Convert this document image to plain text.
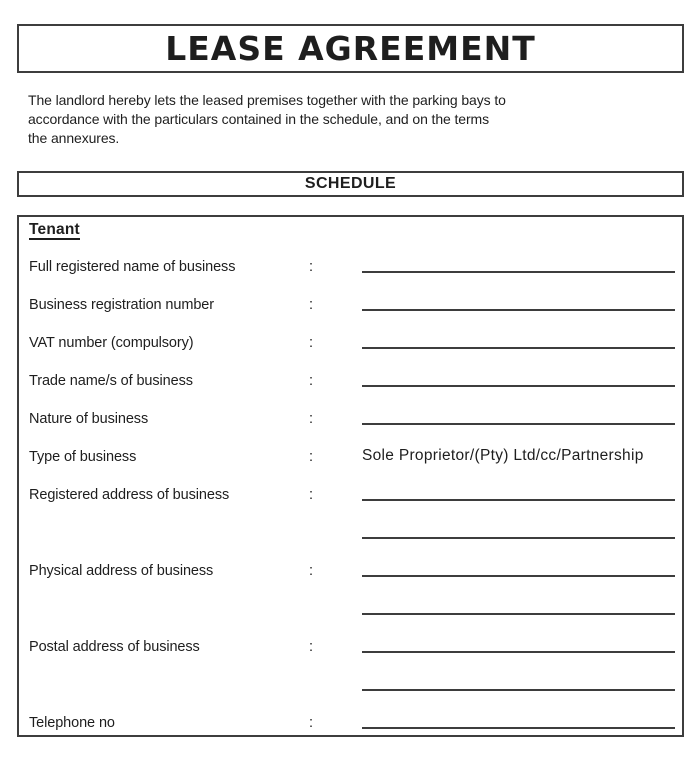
LEASE AGREEMENT
The landlord hereby lets the leased premises together with the parking bays to
accordance with the particulars contained in the schedule, and on the terms
the annexures.
SCHEDULE
Tenant
Full registered name of business	:
Business registration number	:
VAT number (compulsory)	:
Trade name/s of business	:
Nature of business	:
Type of business	:	Sole Proprietor/(Pty) Ltd/cc/Partnership
Registered address of business	:
Physical address of business	:
Postal address of business	:
Telephone no	:
